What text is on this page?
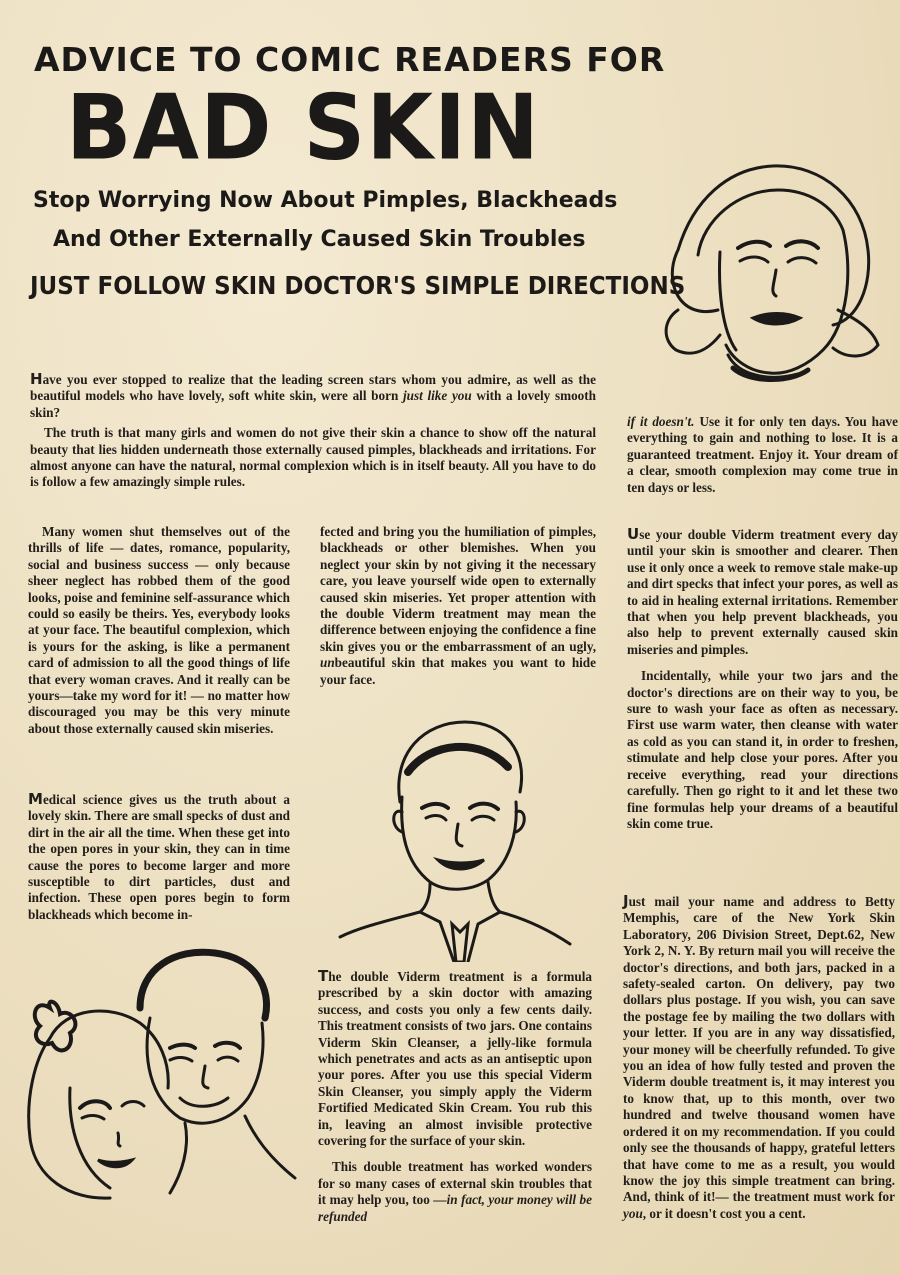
ADVICE TO COMIC READERS FOR
BAD SKIN
Stop Worrying Now About Pimples, Blackheads
And Other Externally Caused Skin Troubles
JUST FOLLOW SKIN DOCTOR'S SIMPLE DIRECTIONS

Have you ever stopped to realize that the leading screen stars whom you admire, as well as the beautiful models who have lovely, soft white skin, were all born just like you with a lovely smooth skin?

The truth is that many girls and women do not give their skin a chance to show off the natural beauty that lies hidden underneath those externally caused pimples, blackheads and irritations. For almost anyone can have the natural, normal complexion which is in itself beauty. All you have to do is follow a few amazingly simple rules.

Many women shut themselves out of the thrills of life — dates, romance, popularity, social and business success — only because sheer neglect has robbed them of the good looks, poise and feminine self-assurance which could so easily be theirs. Yes, everybody looks at your face. The beautiful complexion, which is yours for the asking, is like a permanent card of admission to all the good things of life that every woman craves. And it really can be yours—take my word for it! — no matter how discouraged you may be this very minute about those externally caused skin miseries.

Medical science gives us the truth about a lovely skin. There are small specks of dust and dirt in the air all the time. When these get into the open pores in your skin, they can in time cause the pores to become larger and more susceptible to dirt particles, dust and infection. These open pores begin to form blackheads which become in-

fected and bring you the humiliation of pimples, blackheads or other blemishes. When you neglect your skin by not giving it the necessary care, you leave yourself wide open to externally caused skin miseries. Yet proper attention with the double Viderm treatment may mean the difference between enjoying the confidence a fine skin gives you or the embarrassment of an ugly, unbeautiful skin that makes you want to hide your face.

The double Viderm treatment is a formula prescribed by a skin doctor with amazing success, and costs you only a few cents daily. This treatment consists of two jars. One contains Viderm Skin Cleanser, a jelly-like formula which penetrates and acts as an antiseptic upon your pores. After you use this special Viderm Skin Cleanser, you simply apply the Viderm Fortified Medicated Skin Cream. You rub this in, leaving an almost invisible protective covering for the surface of your skin.

This double treatment has worked wonders for so many cases of external skin troubles that it may help you, too —in fact, your money will be refunded

if it doesn't. Use it for only ten days. You have everything to gain and nothing to lose. It is a guaranteed treatment. Enjoy it. Your dream of a clear, smooth complexion may come true in ten days or less.

Use your double Viderm treatment every day until your skin is smoother and clearer. Then use it only once a week to remove stale make-up and dirt specks that infect your pores, as well as to aid in healing external irritations. Remember that when you help prevent blackheads, you also help to prevent externally caused skin miseries and pimples.

Incidentally, while your two jars and the doctor's directions are on their way to you, be sure to wash your face as often as necessary. First use warm water, then cleanse with water as cold as you can stand it, in order to freshen, stimulate and help close your pores. After you receive everything, read your directions carefully. Then go right to it and let these two fine formulas help your dreams of a beautiful skin come true.

Just mail your name and address to Betty Memphis, care of the New York Skin Laboratory, 206 Division Street, Dept.62, New York 2, N. Y. By return mail you will receive the doctor's directions, and both jars, packed in a safety-sealed carton. On delivery, pay two dollars plus postage. If you wish, you can save the postage fee by mailing the two dollars with your letter. If you are in any way dissatisfied, your money will be cheerfully refunded. To give you an idea of how fully tested and proven the Viderm double treatment is, it may interest you to know that, up to this month, over two hundred and twelve thousand women have ordered it on my recommendation. If you could only see the thousands of happy, grateful letters that have come to me as a result, you would know the joy this simple treatment can bring. And, think of it!— the treatment must work for you, or it doesn't cost you a cent.
